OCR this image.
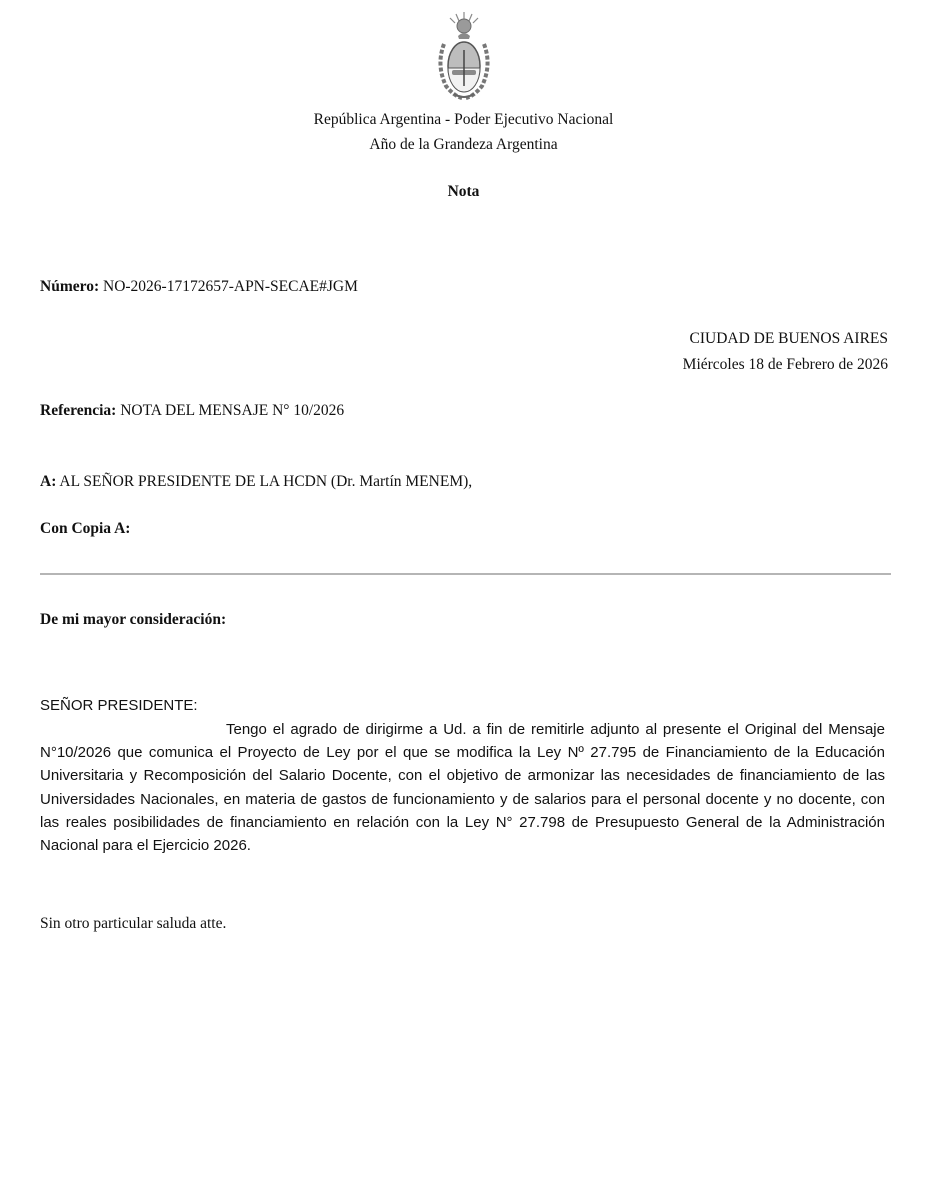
República Argentina - Poder Ejecutivo Nacional
Año de la Grandeza Argentina
Nota
Número: NO-2026-17172657-APN-SECAE#JGM
CIUDAD DE BUENOS AIRES
Miércoles 18 de Febrero de 2026
Referencia: NOTA DEL MENSAJE N° 10/2026
A: AL SEÑOR PRESIDENTE DE LA HCDN (Dr. Martín MENEM),
Con Copia A:
De mi mayor consideración:
SEÑOR PRESIDENTE:
Tengo el agrado de dirigirme a Ud. a fin de remitirle adjunto al presente el Original del Mensaje N°10/2026 que comunica el Proyecto de Ley por el que se modifica la Ley Nº 27.795 de Financiamiento de la Educación Universitaria y Recomposición del Salario Docente, con el objetivo de armonizar las necesidades de financiamiento de las Universidades Nacionales, en materia de gastos de funcionamiento y de salarios para el personal docente y no docente, con las reales posibilidades de financiamiento en relación con la Ley N° 27.798 de Presupuesto General de la Administración Nacional para el Ejercicio 2026.
Sin otro particular saluda atte.
